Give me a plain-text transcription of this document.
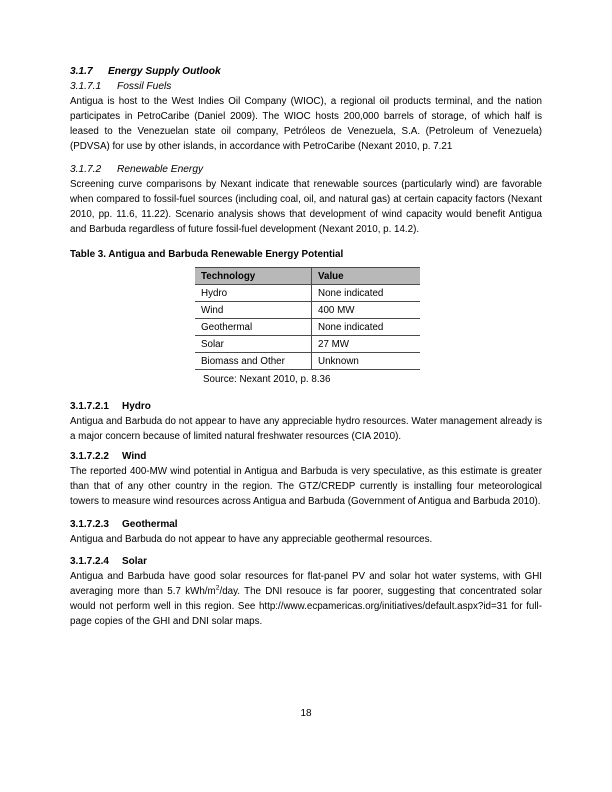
3.1.7 Energy Supply Outlook
3.1.7.1 Fossil Fuels

Antigua is host to the West Indies Oil Company (WIOC), a regional oil products terminal, and the nation participates in PetroCaribe (Daniel 2009). The WIOC hosts 200,000 barrels of storage, of which half is leased to the Venezuelan state oil company, Petróleos de Venezuela, S.A. (Petroleum of Venezuela) (PDVSA) for use by other islands, in accordance with PetroCaribe (Nexant 2010, p. 7.21

3.1.7.2 Renewable Energy

Screening curve comparisons by Nexant indicate that renewable sources (particularly wind) are favorable when compared to fossil-fuel sources (including coal, oil, and natural gas) at certain capacity factors (Nexant 2010, pp. 11.6, 11.22). Scenario analysis shows that development of wind capacity would benefit Antigua and Barbuda regardless of future fossil-fuel development (Nexant 2010, p. 14.2).

Table 3. Antigua and Barbuda Renewable Energy Potential
Technology	Value
Hydro	None indicated
Wind	400 MW
Geothermal	None indicated
Solar	27 MW
Biomass and Other	Unknown
Source: Nexant 2010, p. 8.36
3.1.7.2.1 Hydro

Antigua and Barbuda do not appear to have any appreciable hydro resources. Water management already is a major concern because of limited natural freshwater resources (CIA 2010).

3.1.7.2.2 Wind

The reported 400-MW wind potential in Antigua and Barbuda is very speculative, as this estimate is greater than that of any other country in the region. The GTZ/CREDP currently is installing four meteorological towers to measure wind resources across Antigua and Barbuda (Government of Antigua and Barbuda 2010).

3.1.7.2.3 Geothermal

Antigua and Barbuda do not appear to have any appreciable geothermal resources.

3.1.7.2.4 Solar

Antigua and Barbuda have good solar resources for flat-panel PV and solar hot water systems, with GHI averaging more than 5.7 kWh/$m^2$/day. The DNI resouce is far poorer, suggesting that concentrated solar would not perform well in this region. See http://www.ecpamericas.org/initiatives/default.aspx?id=31 for full-page copies of the GHI and DNI solar maps.

18
